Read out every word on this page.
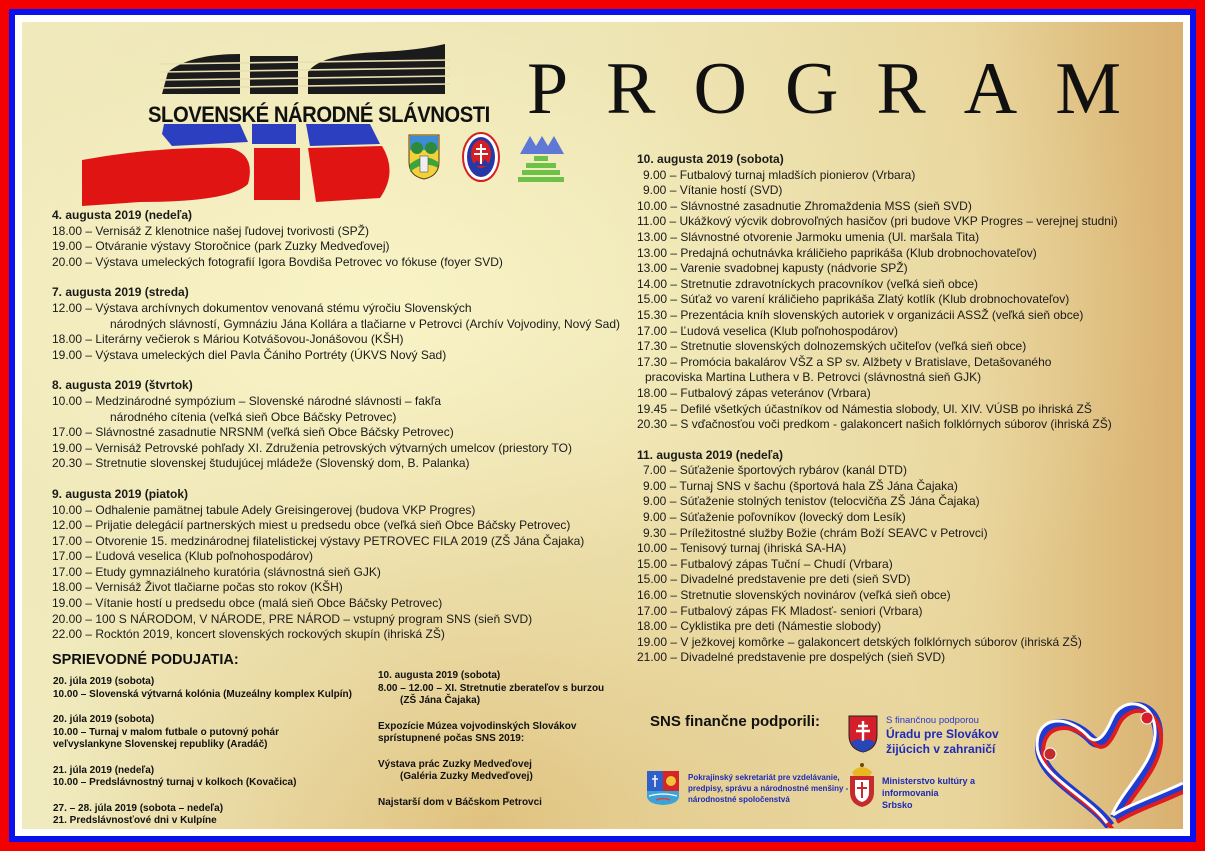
SLOVENSKÉ NÁRODNÉ SLÁVNOSTI PROGRAM
4. augusta 2019 (nedeľa)
18.00 – Vernisáž Z klenotnice našej ľudovej tvorivosti (SPŽ)
19.00 – Otváranie výstavy Storočnice (park Zuzky Medveďovej)
20.00 – Výstava umeleckých fotografií Igora Bovdiša Petrovec vo fókuse (foyer SVD)
7. augusta 2019 (streda)
12.00 – Výstava archívnych dokumentov venovaná stému výročiu Slovenských
národných slávností, Gymnáziu Jána Kollára a tlačiarne v Petrovci (Archív Vojvodiny, Nový Sad)
18.00 – Literárny večierok s Máriou Kotvášovou-Jonášovou (KŠH)
19.00 – Výstava umeleckých diel Pavla Čániho Portréty (ÚKVS Nový Sad)
8. augusta 2019 (štvrtok)
10.00 – Medzinárodné sympózium – Slovenské národné slávnosti – fakľa
národného cítenia (veľká sieň Obce Báčsky Petrovec)
17.00 – Slávnostné zasadnutie NRSNM (veľká sieň Obce Báčsky Petrovec)
19.00 – Vernisáž Petrovské pohľady XI. Združenia petrovských výtvarných umelcov (priestory TO)
20.30 – Stretnutie slovenskej študujúcej mládeže (Slovenský dom, B. Palanka)
9. augusta 2019 (piatok)
10.00 – Odhalenie pamätnej tabule Adely Greisingerovej (budova VKP Progres)
12.00 – Prijatie delegácií partnerských miest u predsedu obce (veľká sieň Obce Báčsky Petrovec)
17.00 – Otvorenie 15. medzinárodnej filatelistickej výstavy PETROVEC FILA 2019 (ZŠ Jána Čajaka)
17.00 – Ľudová veselica (Klub poľnohospodárov)
17.00 – Etudy gymnaziálneho kuratória (slávnostná sieň GJK)
18.00 – Vernisáž Život tlačiarne počas sto rokov (KŠH)
19.00 – Vítanie hostí u predsedu obce (malá sieň Obce Báčsky Petrovec)
20.00 – 100 S NÁRODOM, V NÁRODE, PRE NÁROD – vstupný program SNS (sieň SVD)
22.00 – Rocktón 2019, koncert slovenských rockových skupín (ihriská ZŠ)
10. augusta 2019 (sobota)
9.00 – Futbalový turnaj mladších pionierov (Vrbara)
9.00 – Vítanie hostí (SVD)
10.00 – Slávnostné zasadnutie Zhromaždenia MSS (sieň SVD)
11.00 – Ukážkový výcvik dobrovoľných hasičov (pri budove VKP Progres – verejnej studni)
13.00 – Slávnostné otvorenie Jarmoku umenia (Ul. maršala Tita)
13.00 – Predajná ochutnávka králičieho paprikáša (Klub drobnochovateľov)
13.00 – Varenie svadobnej kapusty (nádvorie SPŽ)
14.00 – Stretnutie zdravotníckych pracovníkov (veľká sieň obce)
15.00 – Súťaž vo varení králičieho paprikáša Zlatý kotlík (Klub drobnochovateľov)
15.30 – Prezentácia kníh slovenských autoriek v organizácii ASSŽ (veľká sieň obce)
17.00 – Ľudová veselica (Klub poľnohospodárov)
17.30 – Stretnutie slovenských dolnozemských učiteľov (veľká sieň obce)
17.30 – Promócia bakalárov VŠZ a SP sv. Alžbety v Bratislave, Detašovaného
pracoviska Martina Luthera v B. Petrovci (slávnostná sieň GJK)
18.00 – Futbalový zápas veteránov (Vrbara)
19.45 – Defilé všetkých účastníkov od Námestia slobody, Ul. XIV. VÚSB po ihriská ZŠ
20.30 – S vďačnosťou voči predkom - galakoncert našich folklórnych súborov (ihriská ZŠ)
11. augusta 2019 (nedeľa)
7.00 – Súťaženie športových rybárov (kanál DTD)
9.00 – Turnaj SNS v šachu (športová hala ZŠ Jána Čajaka)
9.00 – Súťaženie stolných tenistov (telocvičňa ZŠ Jána Čajaka)
9.00 – Súťaženie poľovníkov (lovecký dom Lesík)
9.30 – Príležitostné služby Božie (chrám Boží SEAVC v Petrovci)
10.00 – Tenisový turnaj (ihriská SA-HA)
15.00 – Futbalový zápas Tuční – Chudí (Vrbara)
15.00 – Divadelné predstavenie pre deti (sieň SVD)
16.00 – Stretnutie slovenských novinárov (veľká sieň obce)
17.00 – Futbalový zápas FK Mladosť- seniori (Vrbara)
18.00 – Cyklistika pre deti (Námestie slobody)
19.00 – V ježkovej komôrke – galakoncert detských folklórnych súborov (ihriská ZŠ)
21.00 – Divadelné predstavenie pre dospelých (sieň SVD)
SPRIEVODNÉ PODUJATIA:
20. júla 2019 (sobota)
10.00 – Slovenská výtvarná kolónia (Muzeálny komplex Kulpín)
20. júla 2019 (sobota)
10.00 – Turnaj v malom futbale o putovný pohár
veľvyslankyne Slovenskej republiky (Aradáč)
21. júla 2019 (nedeľa)
10.00 – Predslávnostný turnaj v kolkoch (Kovačica)
27. – 28. júla 2019 (sobota – nedeľa)
21. Predslávnosťové dni v Kulpíne
10. augusta 2019 (sobota)
8.00 – 12.00 – XI. Stretnutie zberateľov s burzou
(ZŠ Jána Čajaka)
Expozície Múzea vojvodinských Slovákov
sprístupnené počas SNS 2019:
Výstava prác Zuzky Medveďovej
(Galéria Zuzky Medveďovej)
Najstarší dom v Báčskom Petrovci
SNS finančne podporili:	S finančnou podporou
Úradu pre Slovákov
žijúcich v zahraničí
Pokrajinský sekretariát pre vzdelávanie,
predpisy, správu a národnostné menšiny -
národnostné spoločenstvá
Ministerstvo kultúry a
informovania
Srbsko
